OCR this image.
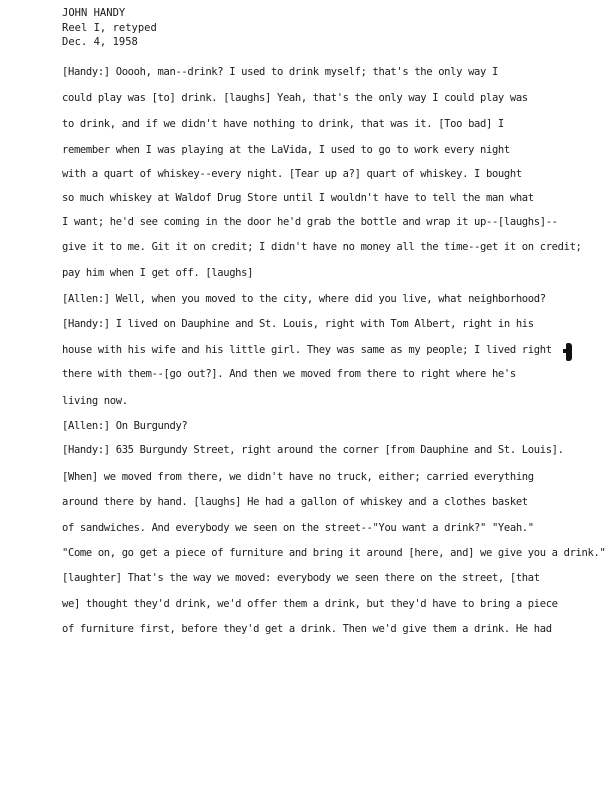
JOHN HANDY
Reel I, retyped
Dec. 4, 1958
[Handy:] Ooooh, man--drink? I used to drink myself; that's the only way I
could play was [to] drink. [laughs] Yeah, that's the only way I could play was
to drink, and if we didn't have nothing to drink, that was it. [Too bad] I
remember when I was playing at the LaVida, I used to go to work every night
with a quart of whiskey--every night. [Tear up a?] quart of whiskey. I bought
so much whiskey at Waldof Drug Store until I wouldn't have to tell the man what
I want; he'd see coming in the door he'd grab the bottle and wrap it up--[laughs]--
give it to me. Git it on credit; I didn't have no money all the time--get it on credit;
pay him when I get off. [laughs]
[Allen:] Well, when you moved to the city, where did you live, what neighborhood?
[Handy:] I lived on Dauphine and St. Louis, right with Tom Albert, right in his
house with his wife and his little girl. They was same as my people; I lived right
there with them--[go out?]. And then we moved from there to right where he's
living now.
[Allen:] On Burgundy?
[Handy:] 635 Burgundy Street, right around the corner [from Dauphine and St. Louis].
[When] we moved from there, we didn't have no truck, either; carried everything
around there by hand. [laughs] He had a gallon of whiskey and a clothes basket
of sandwiches. And everybody we seen on the street--"You want a drink?" "Yeah."
"Come on, go get a piece of furniture and bring it around [here, and] we give you a drink."
[laughter] That's the way we moved: everybody we seen there on the street, [that
we] thought they'd drink, we'd offer them a drink, but they'd have to bring a piece
of furniture first, before they'd get a drink. Then we'd give them a drink. He had
